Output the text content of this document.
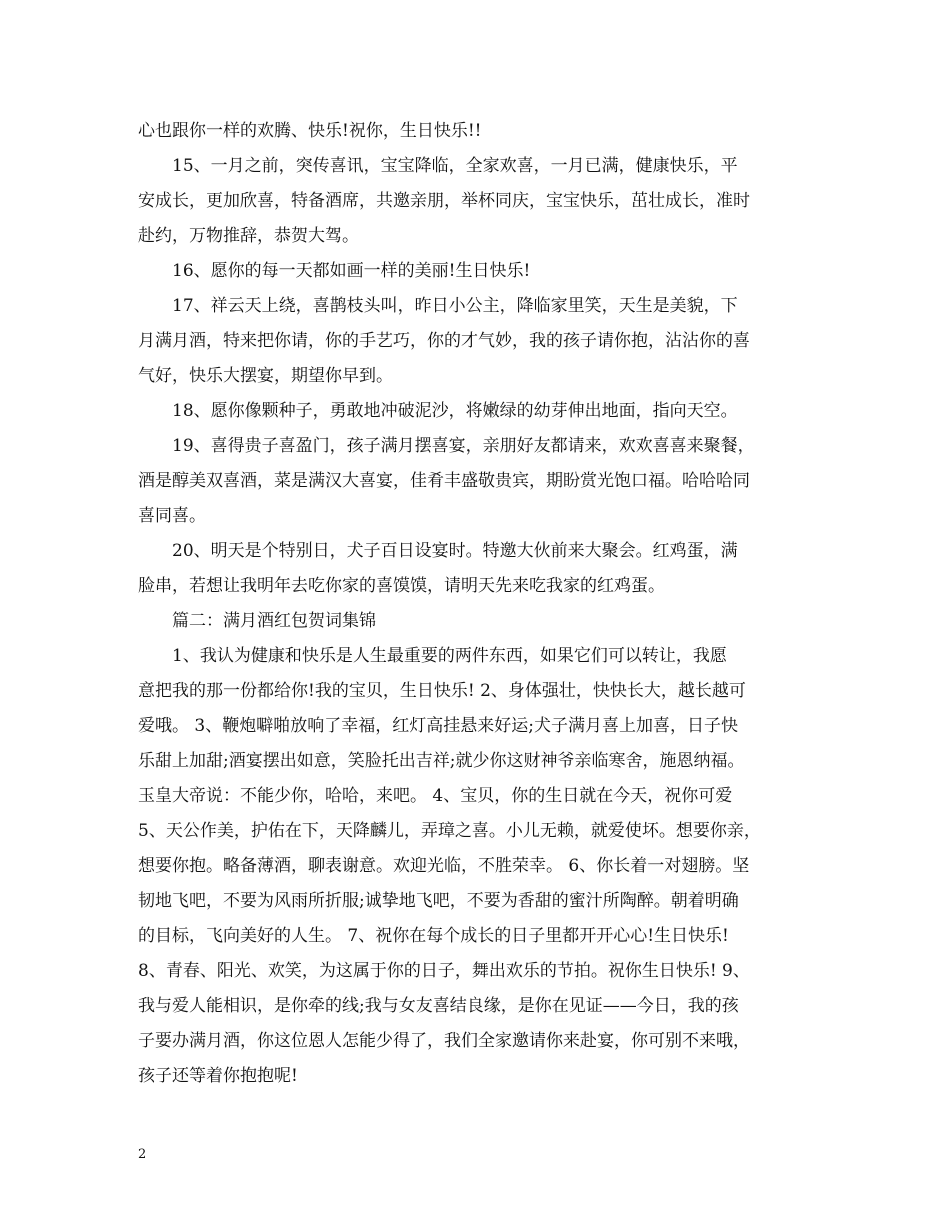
心也跟你一样的欢腾、快乐!祝你，生日快乐!!
15、一月之前，突传喜讯，宝宝降临，全家欢喜，一月已满，健康快乐，平
安成长，更加欣喜，特备酒席，共邀亲朋，举杯同庆，宝宝快乐，茁壮成长，准时
赴约，万物推辞，恭贺大驾。
16、愿你的每一天都如画一样的美丽!生日快乐!
17、祥云天上绕，喜鹊枝头叫，昨日小公主，降临家里笑，天生是美貌，下
月满月酒，特来把你请，你的手艺巧，你的才气妙，我的孩子请你抱，沾沾你的喜
气好，快乐大摆宴，期望你早到。
18、愿你像颗种子，勇敢地冲破泥沙，将嫩绿的幼芽伸出地面，指向天空。
19、喜得贵子喜盈门，孩子满月摆喜宴，亲朋好友都请来，欢欢喜喜来聚餐，
酒是醇美双喜酒，菜是满汉大喜宴，佳肴丰盛敬贵宾，期盼赏光饱口福。哈哈哈同
喜同喜。
20、明天是个特别日，犬子百日设宴时。特邀大伙前来大聚会。红鸡蛋，满
脸串，若想让我明年去吃你家的喜馍馍，请明天先来吃我家的红鸡蛋。
篇二：满月酒红包贺词集锦
1、我认为健康和快乐是人生最重要的两件东西，如果它们可以转让，我愿
意把我的那一份都给你!我的宝贝，生日快乐! 2、身体强壮，快快长大，越长越可
爱哦。 3、鞭炮噼啪放响了幸福，红灯高挂悬来好运;犬子满月喜上加喜，日子快
乐甜上加甜;酒宴摆出如意，笑脸托出吉祥;就少你这财神爷亲临寒舍，施恩纳福。
玉皇大帝说：不能少你，哈哈，来吧。 4、宝贝，你的生日就在今天，祝你可爱
5、天公作美，护佑在下，天降麟儿，弄璋之喜。小儿无赖，就爱使坏。想要你亲，
想要你抱。略备薄酒，聊表谢意。欢迎光临，不胜荣幸。 6、你长着一对翅膀。坚
韧地飞吧，不要为风雨所折服;诚挚地飞吧，不要为香甜的蜜汁所陶醉。朝着明确
的目标，飞向美好的人生。 7、祝你在每个成长的日子里都开开心心!生日快乐!
8、青春、阳光、欢笑，为这属于你的日子，舞出欢乐的节拍。祝你生日快乐! 9、
我与爱人能相识，是你牵的线;我与女友喜结良缘，是你在见证——今日，我的孩
子要办满月酒，你这位恩人怎能少得了，我们全家邀请你来赴宴，你可别不来哦，
孩子还等着你抱抱呢!
2
